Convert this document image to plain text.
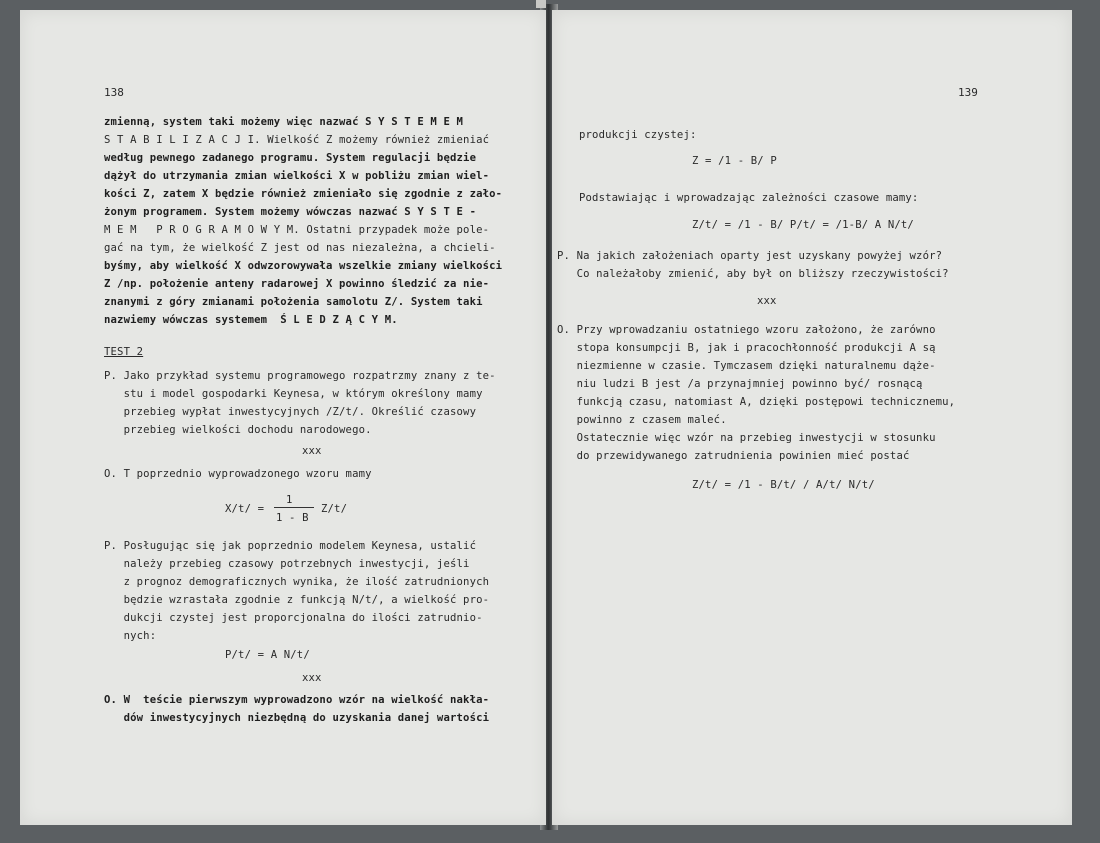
138
zmienną, system taki możemy więc nazwać S Y S T E M E M
S T A B I L I Z A C J I. Wielkość Z możemy również zmieniać
według pewnego zadanego programu. System regulacji będzie
dążył do utrzymania zmian wielkości X w pobliżu zmian wiel-
kości Z, zatem X będzie również zmieniało się zgodnie z zało-
żonym programem. System możemy wówczas nazwać S Y S T E -
M E M   P R O G R A M O W Y M. Ostatni przypadek może pole-
gać na tym, że wielkość Z jest od nas niezależna, a chcieli-
byśmy, aby wielkość X odwzorowywała wszelkie zmiany wielkości
Z /np. położenie anteny radarowej X powinno śledzić za nie-
znanymi z góry zmianami położenia samolotu Z/. System taki
nazwiemy wówczas systemem  Ś L E D Z Ą C Y M.
TEST 2
P. Jako przykład systemu programowego rozpatrzmy znany z te-
stu i model gospodarki Keynesa, w którym określony mamy
przebieg wypłat inwestycyjnych /Z/t/. Określić czasowy
przebieg wielkości dochodu narodowego.
xxx
O. T poprzednio wyprowadzonego wzoru mamy
X/t/ =
1
1 - B
Z/t/
P. Posługując się jak poprzednio modelem Keynesa, ustalić
należy przebieg czasowy potrzebnych inwestycji, jeśli
z prognoz demograficznych wynika, że ilość zatrudnionych
będzie wzrastała zgodnie z funkcją N/t/, a wielkość pro-
dukcji czystej jest proporcjonalna do ilości zatrudnio-
nych:
P/t/ = A N/t/
xxx
O. W  teście pierwszym wyprowadzono wzór na wielkość nakła-
dów inwestycyjnych niezbędną do uzyskania danej wartości
139
produkcji czystej:
Z = /1 - B/ P
Podstawiając i wprowadzając zależności czasowe mamy:
Z/t/ = /1 - B/ P/t/ = /1-B/ A N/t/
P. Na jakich założeniach oparty jest uzyskany powyżej wzór?
Co należałoby zmienić, aby był on bliższy rzeczywistości?
xxx
O. Przy wprowadzaniu ostatniego wzoru założono, że zarówno
stopa konsumpcji B, jak i pracochłonność produkcji A są
niezmienne w czasie. Tymczasem dzięki naturalnemu dąże-
niu ludzi B jest /a przynajmniej powinno być/ rosnącą
funkcją czasu, natomiast A, dzięki postępowi technicznemu,
powinno z czasem maleć.
Ostatecznie więc wzór na przebieg inwestycji w stosunku
do przewidywanego zatrudnienia powinien mieć postać
Z/t/ = /1 - B/t/ / A/t/ N/t/
